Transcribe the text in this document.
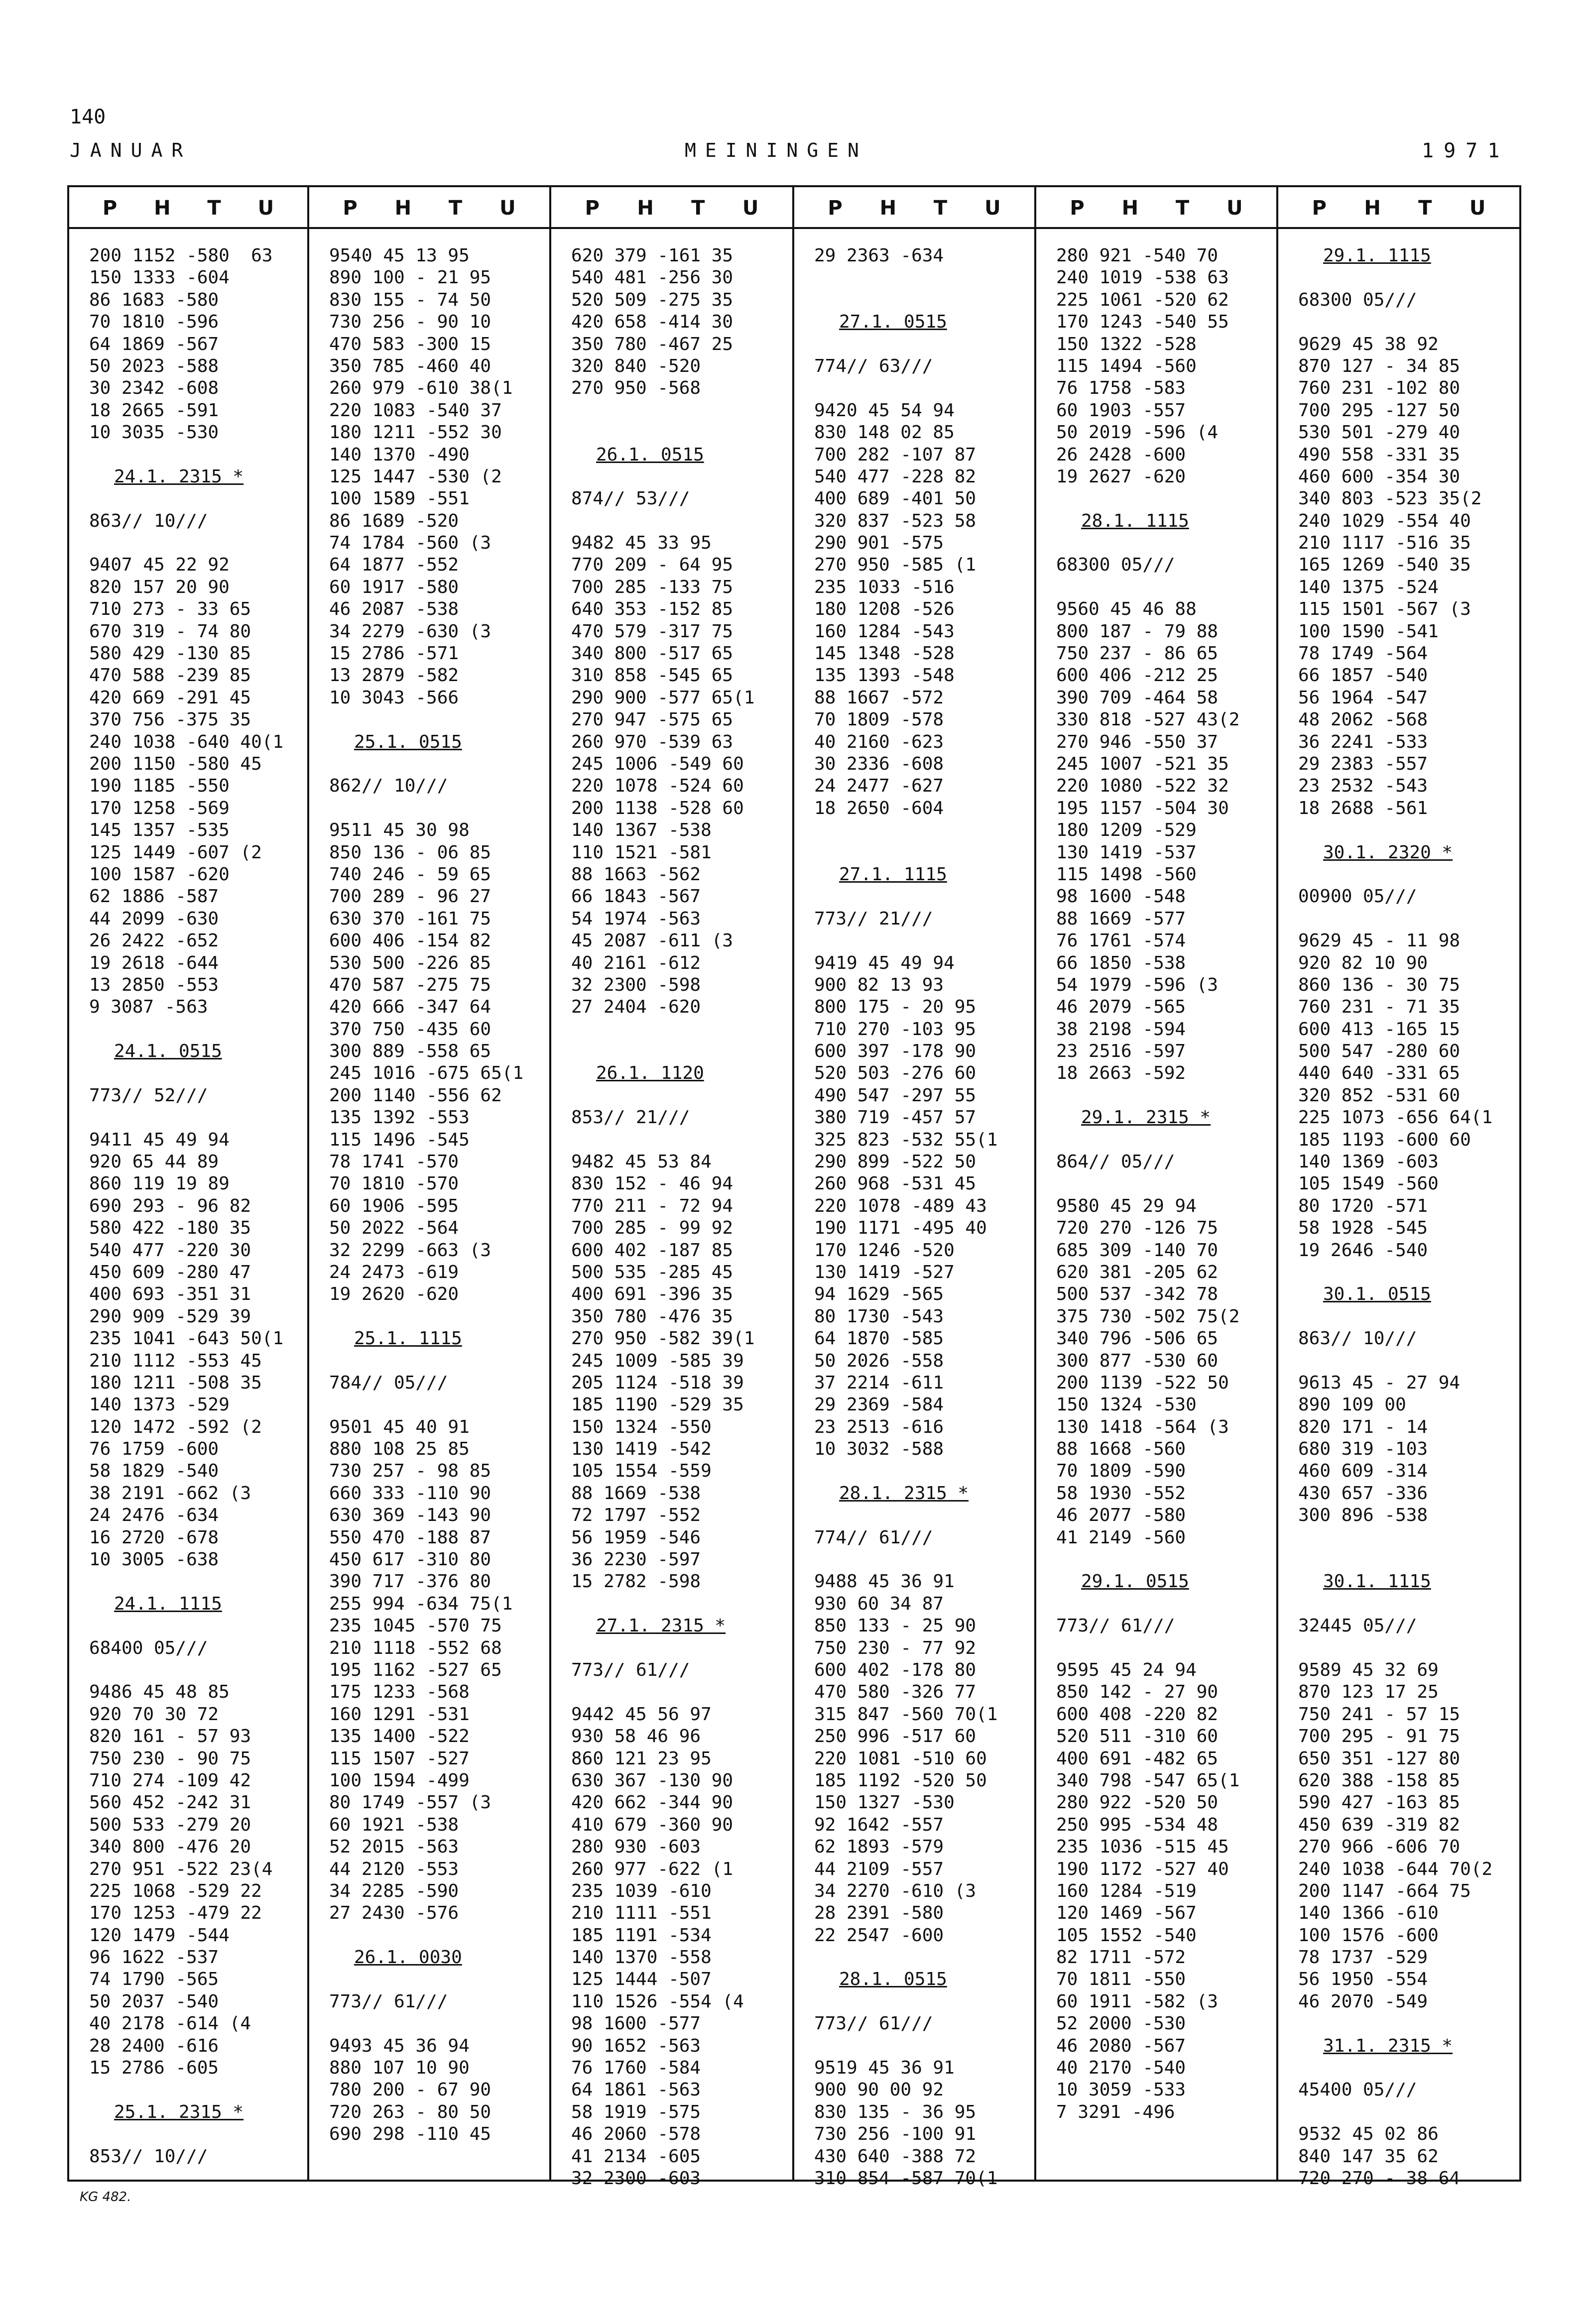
140
JANUAR	MEININGEN	1971
P H T U
200 1152 -580  63
150 1333 -604
86 1683 -580
70 1810 -596
64 1869 -567
50 2023 -588
30 2342 -608
18 2665 -591
10 3035 -530
24.1. 2315 *
863// 10///
9407 45 22 92
820 157 20 90
710 273 - 33 65
670 319 - 74 80
580 429 -130 85
470 588 -239 85
420 669 -291 45
370 756 -375 35
240 1038 -640 40(1
200 1150 -580 45
190 1185 -550
170 1258 -569
145 1357 -535
125 1449 -607 (2
100 1587 -620
62 1886 -587
44 2099 -630
26 2422 -652
19 2618 -644
13 2850 -553
9 3087 -563
24.1. 0515
773// 52///
9411 45 49 94
920 65 44 89
860 119 19 89
690 293 - 96 82
580 422 -180 35
540 477 -220 30
450 609 -280 47
400 693 -351 31
290 909 -529 39
235 1041 -643 50(1
210 1112 -553 45
180 1211 -508 35
140 1373 -529
120 1472 -592 (2
76 1759 -600
58 1829 -540
38 2191 -662 (3
24 2476 -634
16 2720 -678
10 3005 -638
24.1. 1115
68400 05///
9486 45 48 85
920 70 30 72
820 161 - 57 93
750 230 - 90 75
710 274 -109 42
560 452 -242 31
500 533 -279 20
340 800 -476 20
270 951 -522 23(4
225 1068 -529 22
170 1253 -479 22
120 1479 -544
96 1622 -537
74 1790 -565
50 2037 -540
40 2178 -614 (4
28 2400 -616
15 2786 -605
25.1. 2315 *
853// 10///
P H T U
9540 45 13 95
890 100 - 21 95
830 155 - 74 50
730 256 - 90 10
470 583 -300 15
350 785 -460 40
260 979 -610 38(1
220 1083 -540 37
180 1211 -552 30
140 1370 -490
125 1447 -530 (2
100 1589 -551
86 1689 -520
74 1784 -560 (3
64 1877 -552
60 1917 -580
46 2087 -538
34 2279 -630 (3
15 2786 -571
13 2879 -582
10 3043 -566
25.1. 0515
862// 10///
9511 45 30 98
850 136 - 06 85
740 246 - 59 65
700 289 - 96 27
630 370 -161 75
600 406 -154 82
530 500 -226 85
470 587 -275 75
420 666 -347 64
370 750 -435 60
300 889 -558 65
245 1016 -675 65(1
200 1140 -556 62
135 1392 -553
115 1496 -545
78 1741 -570
70 1810 -570
60 1906 -595
50 2022 -564
32 2299 -663 (3
24 2473 -619
19 2620 -620
25.1. 1115
784// 05///
9501 45 40 91
880 108 25 85
730 257 - 98 85
660 333 -110 90
630 369 -143 90
550 470 -188 87
450 617 -310 80
390 717 -376 80
255 994 -634 75(1
235 1045 -570 75
210 1118 -552 68
195 1162 -527 65
175 1233 -568
160 1291 -531
135 1400 -522
115 1507 -527
100 1594 -499
80 1749 -557 (3
60 1921 -538
52 2015 -563
44 2120 -553
34 2285 -590
27 2430 -576
26.1. 0030
773// 61///
9493 45 36 94
880 107 10 90
780 200 - 67 90
720 263 - 80 50
690 298 -110 45
P H T U
620 379 -161 35
540 481 -256 30
520 509 -275 35
420 658 -414 30
350 780 -467 25
320 840 -520
270 950 -568
26.1. 0515
874// 53///
9482 45 33 95
770 209 - 64 95
700 285 -133 75
640 353 -152 85
470 579 -317 75
340 800 -517 65
310 858 -545 65
290 900 -577 65(1
270 947 -575 65
260 970 -539 63
245 1006 -549 60
220 1078 -524 60
200 1138 -528 60
140 1367 -538
110 1521 -581
88 1663 -562
66 1843 -567
54 1974 -563
45 2087 -611 (3
40 2161 -612
32 2300 -598
27 2404 -620
26.1. 1120
853// 21///
9482 45 53 84
830 152 - 46 94
770 211 - 72 94
700 285 - 99 92
600 402 -187 85
500 535 -285 45
400 691 -396 35
350 780 -476 35
270 950 -582 39(1
245 1009 -585 39
205 1124 -518 39
185 1190 -529 35
150 1324 -550
130 1419 -542
105 1554 -559
88 1669 -538
72 1797 -552
56 1959 -546
36 2230 -597
15 2782 -598
27.1. 2315 *
773// 61///
9442 45 56 97
930 58 46 96
860 121 23 95
630 367 -130 90
420 662 -344 90
410 679 -360 90
280 930 -603
260 977 -622 (1
235 1039 -610
210 1111 -551
185 1191 -534
140 1370 -558
125 1444 -507
110 1526 -554 (4
98 1600 -577
90 1652 -563
76 1760 -584
64 1861 -563
58 1919 -575
46 2060 -578
41 2134 -605
32 2300 -603
P H T U
29 2363 -634
27.1. 0515
774// 63///
9420 45 54 94
830 148 02 85
700 282 -107 87
540 477 -228 82
400 689 -401 50
320 837 -523 58
290 901 -575
270 950 -585 (1
235 1033 -516
180 1208 -526
160 1284 -543
145 1348 -528
135 1393 -548
88 1667 -572
70 1809 -578
40 2160 -623
30 2336 -608
24 2477 -627
18 2650 -604
27.1. 1115
773// 21///
9419 45 49 94
900 82 13 93
800 175 - 20 95
710 270 -103 95
600 397 -178 90
520 503 -276 60
490 547 -297 55
380 719 -457 57
325 823 -532 55(1
290 899 -522 50
260 968 -531 45
220 1078 -489 43
190 1171 -495 40
170 1246 -520
130 1419 -527
94 1629 -565
80 1730 -543
64 1870 -585
50 2026 -558
37 2214 -611
29 2369 -584
23 2513 -616
10 3032 -588
28.1. 2315 *
774// 61///
9488 45 36 91
930 60 34 87
850 133 - 25 90
750 230 - 77 92
600 402 -178 80
470 580 -326 77
315 847 -560 70(1
250 996 -517 60
220 1081 -510 60
185 1192 -520 50
150 1327 -530
92 1642 -557
62 1893 -579
44 2109 -557
34 2270 -610 (3
28 2391 -580
22 2547 -600
28.1. 0515
773// 61///
9519 45 36 91
900 90 00 92
830 135 - 36 95
730 256 -100 91
430 640 -388 72
310 854 -587 70(1
P H T U
280 921 -540 70
240 1019 -538 63
225 1061 -520 62
170 1243 -540 55
150 1322 -528
115 1494 -560
76 1758 -583
60 1903 -557
50 2019 -596 (4
26 2428 -600
19 2627 -620
28.1. 1115
68300 05///
9560 45 46 88
800 187 - 79 88
750 237 - 86 65
600 406 -212 25
390 709 -464 58
330 818 -527 43(2
270 946 -550 37
245 1007 -521 35
220 1080 -522 32
195 1157 -504 30
180 1209 -529
130 1419 -537
115 1498 -560
98 1600 -548
88 1669 -577
76 1761 -574
66 1850 -538
54 1979 -596 (3
46 2079 -565
38 2198 -594
23 2516 -597
18 2663 -592
29.1. 2315 *
864// 05///
9580 45 29 94
720 270 -126 75
685 309 -140 70
620 381 -205 62
500 537 -342 78
375 730 -502 75(2
340 796 -506 65
300 877 -530 60
200 1139 -522 50
150 1324 -530
130 1418 -564 (3
88 1668 -560
70 1809 -590
58 1930 -552
46 2077 -580
41 2149 -560
29.1. 0515
773// 61///
9595 45 24 94
850 142 - 27 90
600 408 -220 82
520 511 -310 60
400 691 -482 65
340 798 -547 65(1
280 922 -520 50
250 995 -534 48
235 1036 -515 45
190 1172 -527 40
160 1284 -519
120 1469 -567
105 1552 -540
82 1711 -572
70 1811 -550
60 1911 -582 (3
52 2000 -530
46 2080 -567
40 2170 -540
10 3059 -533
7 3291 -496
P H T U
29.1. 1115
68300 05///
9629 45 38 92
870 127 - 34 85
760 231 -102 80
700 295 -127 50
530 501 -279 40
490 558 -331 35
460 600 -354 30
340 803 -523 35(2
240 1029 -554 40
210 1117 -516 35
165 1269 -540 35
140 1375 -524
115 1501 -567 (3
100 1590 -541
78 1749 -564
66 1857 -540
56 1964 -547
48 2062 -568
36 2241 -533
29 2383 -557
23 2532 -543
18 2688 -561
30.1. 2320 *
00900 05///
9629 45 - 11 98
920 82 10 90
860 136 - 30 75
760 231 - 71 35
600 413 -165 15
500 547 -280 60
440 640 -331 65
320 852 -531 60
225 1073 -656 64(1
185 1193 -600 60
140 1369 -603
105 1549 -560
80 1720 -571
58 1928 -545
19 2646 -540
30.1. 0515
863// 10///
9613 45 - 27 94
890 109 00
820 171 - 14
680 319 -103
460 609 -314
430 657 -336
300 896 -538
30.1. 1115
32445 05///
9589 45 32 69
870 123 17 25
750 241 - 57 15
700 295 - 91 75
650 351 -127 80
620 388 -158 85
590 427 -163 85
450 639 -319 82
270 966 -606 70
240 1038 -644 70(2
200 1147 -664 75
140 1366 -610
100 1576 -600
78 1737 -529
56 1950 -554
46 2070 -549
31.1. 2315 *
45400 05///
9532 45 02 86
840 147 35 62
720 270 - 38 64
KG 482.
